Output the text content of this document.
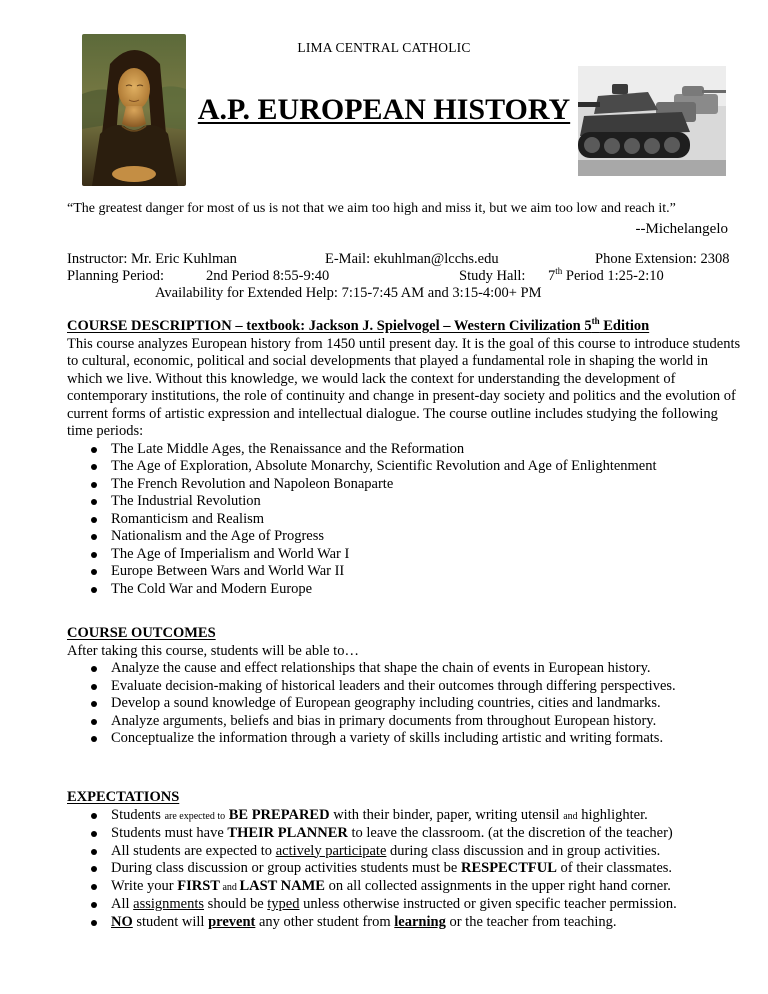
LIMA CENTRAL CATHOLIC
A.P. EUROPEAN HISTORY
“The greatest danger for most of us is not that we aim too high and miss it, but we aim too low and reach it.”
--Michelangelo
Instructor: Mr. Eric Kuhlman	E-Mail: ekuhlman@lcchs.edu	Phone Extension: 2308
Planning Period:	2nd Period 8:55-9:40	Study Hall: 7th Period 1:25-2:10
Availability for Extended Help: 7:15-7:45 AM and 3:15-4:00+ PM
COURSE DESCRIPTION – textbook: Jackson J. Spielvogel – Western Civilization 5th Edition
This course analyzes European history from 1450 until present day. It is the goal of this course to introduce students to cultural, economic, political and social developments that played a fundamental role in shaping the world in which we live. Without this knowledge, we would lack the context for understanding the development of contemporary institutions, the role of continuity and change in present-day society and politics and the evolution of current forms of artistic expression and intellectual dialogue. The course outline includes studying the following time periods:
The Late Middle Ages, the Renaissance and the Reformation
The Age of Exploration, Absolute Monarchy, Scientific Revolution and Age of Enlightenment
The French Revolution and Napoleon Bonaparte
The Industrial Revolution
Romanticism and Realism
Nationalism and the Age of Progress
The Age of Imperialism and World War I
Europe Between Wars and World War II
The Cold War and Modern Europe
COURSE OUTCOMES
After taking this course, students will be able to…
Analyze the cause and effect relationships that shape the chain of events in European history.
Evaluate decision-making of historical leaders and their outcomes through differing perspectives.
Develop a sound knowledge of European geography including countries, cities and landmarks.
Analyze arguments, beliefs and bias in primary documents from throughout European history.
Conceptualize the information through a variety of skills including artistic and writing formats.
EXPECTATIONS
Students are expected to BE PREPARED with their binder, paper, writing utensil and highlighter.
Students must have THEIR PLANNER to leave the classroom. (at the discretion of the teacher)
All students are expected to actively participate during class discussion and in group activities.
During class discussion or group activities students must be RESPECTFUL of their classmates.
Write your FIRST and LAST NAME on all collected assignments in the upper right hand corner.
All assignments should be typed unless otherwise instructed or given specific teacher permission.
NO student will prevent any other student from learning or the teacher from teaching.
